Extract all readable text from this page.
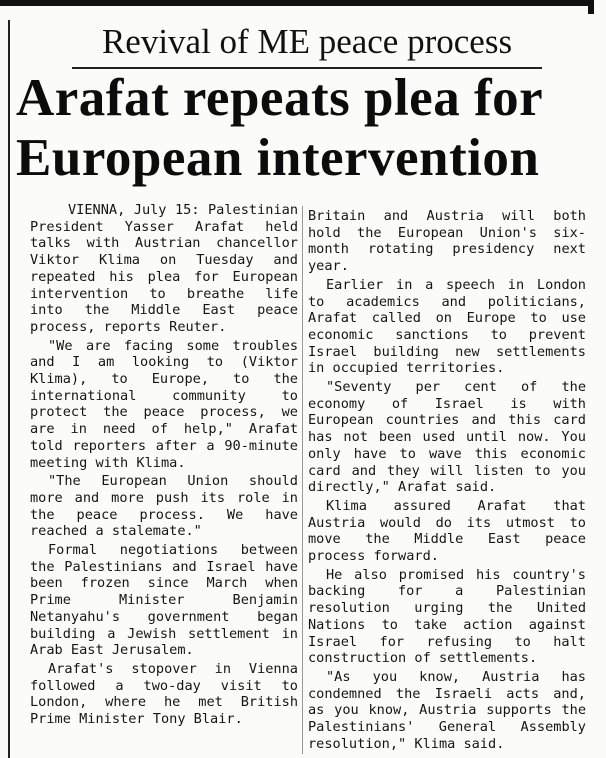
Revival of ME peace process
Arafat repeats plea for
European intervention

VIENNA, July 15: Palestinian President Yasser Arafat held talks with Austrian chancellor Viktor Klima on Tuesday and repeated his plea for European intervention to breathe life into the Middle East peace process, reports Reuter.

"We are facing some troubles and I am looking to (Viktor Klima), to Europe, to the international community to protect the peace process, we are in need of help," Arafat told reporters after a 90-minute meeting with Klima.

"The European Union should more and more push its role in the peace process. We have reached a stalemate."

Formal negotiations between the Palestinians and Israel have been frozen since March when Prime Minister Benjamin Netanyahu's government began building a Jewish settlement in Arab East Jerusalem.

Arafat's stopover in Vienna followed a two-day visit to London, where he met British Prime Minister Tony Blair.

Britain and Austria will both hold the European Union's six-month rotating presidency next year.

Earlier in a speech in London to academics and politicians, Arafat called on Europe to use economic sanctions to prevent Israel building new settlements in occupied territories.

"Seventy per cent of the economy of Israel is with European countries and this card has not been used until now. You only have to wave this economic card and they will listen to you directly," Arafat said.

Klima assured Arafat that Austria would do its utmost to move the Middle East peace process forward.

He also promised his country's backing for a Palestinian resolution urging the United Nations to take action against Israel for refusing to halt construction of settlements.

"As you know, Austria has condemned the Israeli acts and, as you know, Austria supports the Palestinians' General Assembly resolution," Klima said.
